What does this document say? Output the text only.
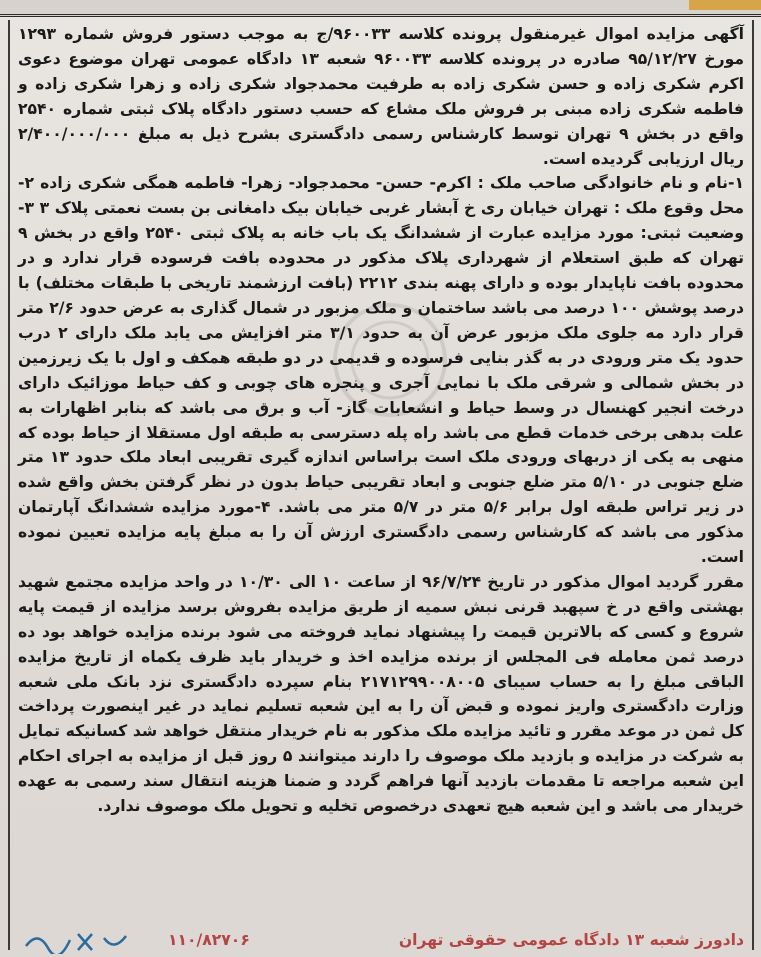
آگهی مزایده اموال غیرمنقول پرونده کلاسه ۹۶۰۰۳۳/ج به موجب دستور فروش شماره ۱۲۹۳ مورخ ۹۵/۱۲/۲۷ صادره در پرونده کلاسه ۹۶۰۰۳۳ شعبه ۱۳ دادگاه عمومی تهران موضوع دعوی اکرم شکری زاده و حسن شکری زاده به طرفیت محمدجواد شکری زاده و زهرا شکری زاده و فاطمه شکری زاده مبنی بر فروش ملک مشاع که حسب دستور دادگاه پلاک ثبتی شماره ۲۵۴۰ واقع در بخش ۹ تهران توسط کارشناس رسمی دادگستری بشرح ذیل به مبلغ ۲/۴۰۰/۰۰۰/۰۰۰ ریال ارزیابی گردیده است.

۱-نام و نام خانوادگی صاحب ملک : اکرم- حسن- محمدجواد- زهرا- فاطمه همگی شکری زاده ۲-محل وقوع ملک : تهران خیابان ری خ آبشار غربی خیابان بیک دامغانی بن بست نعمتی پلاک ۳ ۳- وضعیت ثبتی: مورد مزایده عبارت از ششدانگ یک باب خانه به پلاک ثبتی ۲۵۴۰ واقع در بخش ۹ تهران که طبق استعلام از شهرداری پلاک مذکور در محدوده بافت فرسوده قرار ندارد و در محدوده بافت ناپایدار بوده و دارای پهنه بندی ۲۲۱۲ (بافت ارزشمند تاریخی با طبقات مختلف) با درصد پوشش ۱۰۰ درصد می باشد ساختمان و ملک مزبور در شمال گذاری به عرض حدود ۲/۶ متر قرار دارد مه جلوی ملک مزبور عرض آن به حدود ۳/۱ متر افزایش می یابد ملک دارای ۲ درب حدود یک متر ورودی در به گذر بنایی فرسوده و قدیمی در دو طبقه همکف و اول با یک زیرزمین در بخش شمالی و شرقی ملک با نمایی آجری و پنجره های چوبی و کف حیاط موزائیک دارای درخت انجیر کهنسال در وسط حیاط و انشعابات گاز- آب و برق می باشد که بنابر اظهارات به علت بدهی برخی خدمات قطع می باشد راه پله دسترسی به طبقه اول مستقلا از حیاط بوده که منهی به یکی از دربهای ورودی ملک است براساس اندازه گیری تقریبی ابعاد ملک حدود ۱۳ متر ضلع جنوبی در ۵/۱۰ متر ضلع جنوبی و ابعاد تقریبی حیاط بدون در نظر گرفتن بخش واقع شده در زیر تراس طبقه اول برابر ۵/۶ متر در ۵/۷ متر می باشد. ۴-مورد مزایده ششدانگ آپارتمان مذکور می باشد که کارشناس رسمی دادگستری ارزش آن را به مبلغ پایه مزایده تعیین نموده است.

مقرر گردید اموال مذکور در تاریخ ۹۶/۷/۲۴ از ساعت ۱۰ الی ۱۰/۳۰ در واحد مزایده مجتمع شهید بهشتی واقع در خ سپهبد قرنی نبش سمیه از طریق مزایده بفروش برسد مزایده از قیمت پایه شروع و کسی که بالاترین قیمت را پیشنهاد نماید فروخته می شود برنده مزایده خواهد بود ده درصد ثمن معامله فی المجلس از برنده مزایده اخذ و خریدار باید ظرف یکماه از تاریخ مزایده الباقی مبلغ را به حساب سیبای ۲۱۷۱۲۹۹۰۰۸۰۰۵ بنام سپرده دادگستری نزد بانک ملی شعبه وزارت دادگستری واریز نموده و قبض آن را به این شعبه تسلیم نماید در غیر اینصورت پرداخت کل ثمن در موعد مقرر و تائید مزایده ملک مذکور به نام خریدار منتقل خواهد شد کسانیکه تمایل به شرکت در مزایده و بازدید ملک موصوف را دارند میتوانند ۵ روز قبل از مزایده به اجرای احکام این شعبه مراجعه تا مقدمات بازدید آنها فراهم گردد و ضمنا هزینه انتقال سند رسمی به عهده خریدار می باشد و این شعبه هیچ تعهدی درخصوص تخلیه و تحویل ملک موصوف ندارد.

دادورز شعبه ۱۳ دادگاه عمومی حقوقی تهران
۱۱۰/۸۲۷۰۶
